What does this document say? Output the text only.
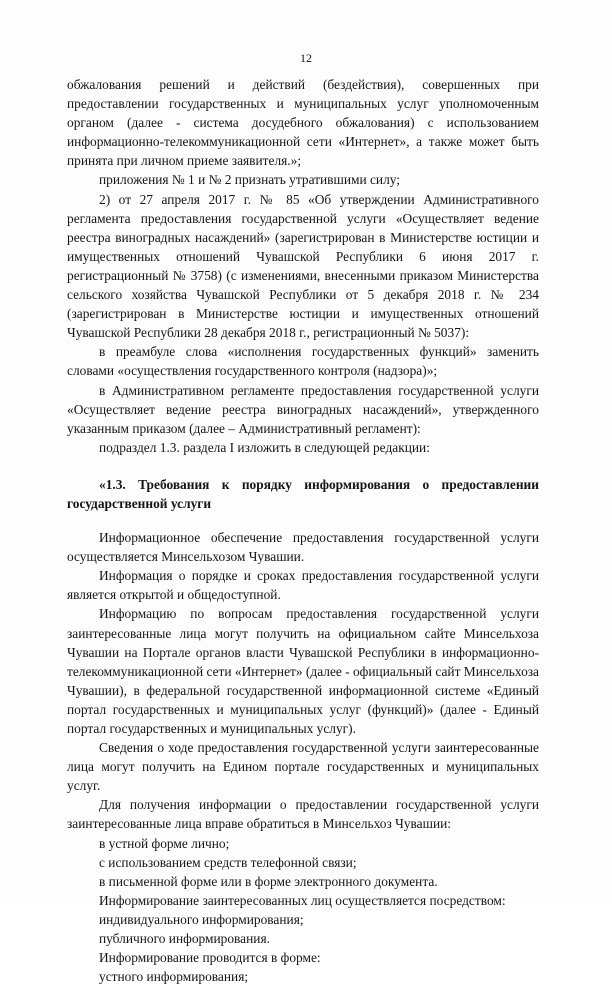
12

обжалования решений и действий (бездействия), совершенных при предоставлении государственных и муниципальных услуг уполномоченным органом (далее - система досудебного обжалования) с использованием информационно-телекоммуникационной сети «Интернет», а также может быть принята при личном приеме заявителя.»;

приложения № 1 и № 2 признать утратившими силу;

2) от 27 апреля 2017 г. № 85 «Об утверждении Административного регламента предоставления государственной услуги «Осуществляет ведение реестра виноградных насаждений» (зарегистрирован в Министерстве юстиции и имущественных отношений Чувашской Республики 6 июня 2017 г. регистрационный № 3758) (с изменениями, внесенными приказом Министерства сельского хозяйства Чувашской Республики от 5 декабря 2018 г. № 234 (зарегистрирован в Министерстве юстиции и имущественных отношений Чувашской Республики 28 декабря 2018 г., регистрационный № 5037):

в преамбуле слова «исполнения государственных функций» заменить словами «осуществления государственного контроля (надзора)»;

в Административном регламенте предоставления государственной услуги «Осуществляет ведение реестра виноградных насаждений», утвержденного указанным приказом (далее – Административный регламент):

подраздел 1.3. раздела I изложить в следующей редакции:

«1.3. Требования к порядку информирования о предоставлении государственной услуги

Информационное обеспечение предоставления государственной услуги осуществляется Минсельхозом Чувашии.

Информация о порядке и сроках предоставления государственной услуги является открытой и общедоступной.

Информацию по вопросам предоставления государственной услуги заинтересованные лица могут получить на официальном сайте Минсельхоза Чувашии на Портале органов власти Чувашской Республики в информационно-телекоммуникационной сети «Интернет» (далее - официальный сайт Минсельхоза Чувашии), в федеральной государственной информационной системе «Единый портал государственных и муниципальных услуг (функций)» (далее - Единый портал государственных и муниципальных услуг).

Сведения о ходе предоставления государственной услуги заинтересованные лица могут получить на Едином портале государственных и муниципальных услуг.

Для получения информации о предоставлении государственной услуги заинтересованные лица вправе обратиться в Минсельхоз Чувашии:

в устной форме лично;

с использованием средств телефонной связи;

в письменной форме или в форме электронного документа.

Информирование заинтересованных лиц осуществляется посредством:

индивидуального информирования;

публичного информирования.

Информирование проводится в форме:

устного информирования;
